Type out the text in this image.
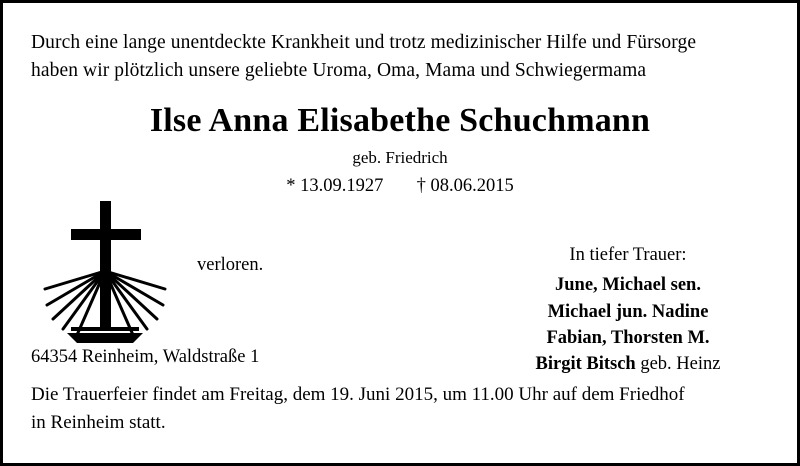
Durch eine lange unentdeckte Krankheit und trotz medizinischer Hilfe und Fürsorge
haben wir plötzlich unsere geliebte Uroma, Oma, Mama und Schwiegermama
Ilse Anna Elisabethe Schuchmann
geb. Friedrich
* 13.09.1927 † 08.06.2015
verloren.	In tiefer Trauer:
June, Michael sen.
Michael jun. Nadine
Fabian, Thorsten M.
Birgit Bitsch geb. Heinz
64354 Reinheim, Waldstraße 1
Die Trauerfeier findet am Freitag, dem 19. Juni 2015, um 11.00 Uhr auf dem Friedhof
in Reinheim statt.
